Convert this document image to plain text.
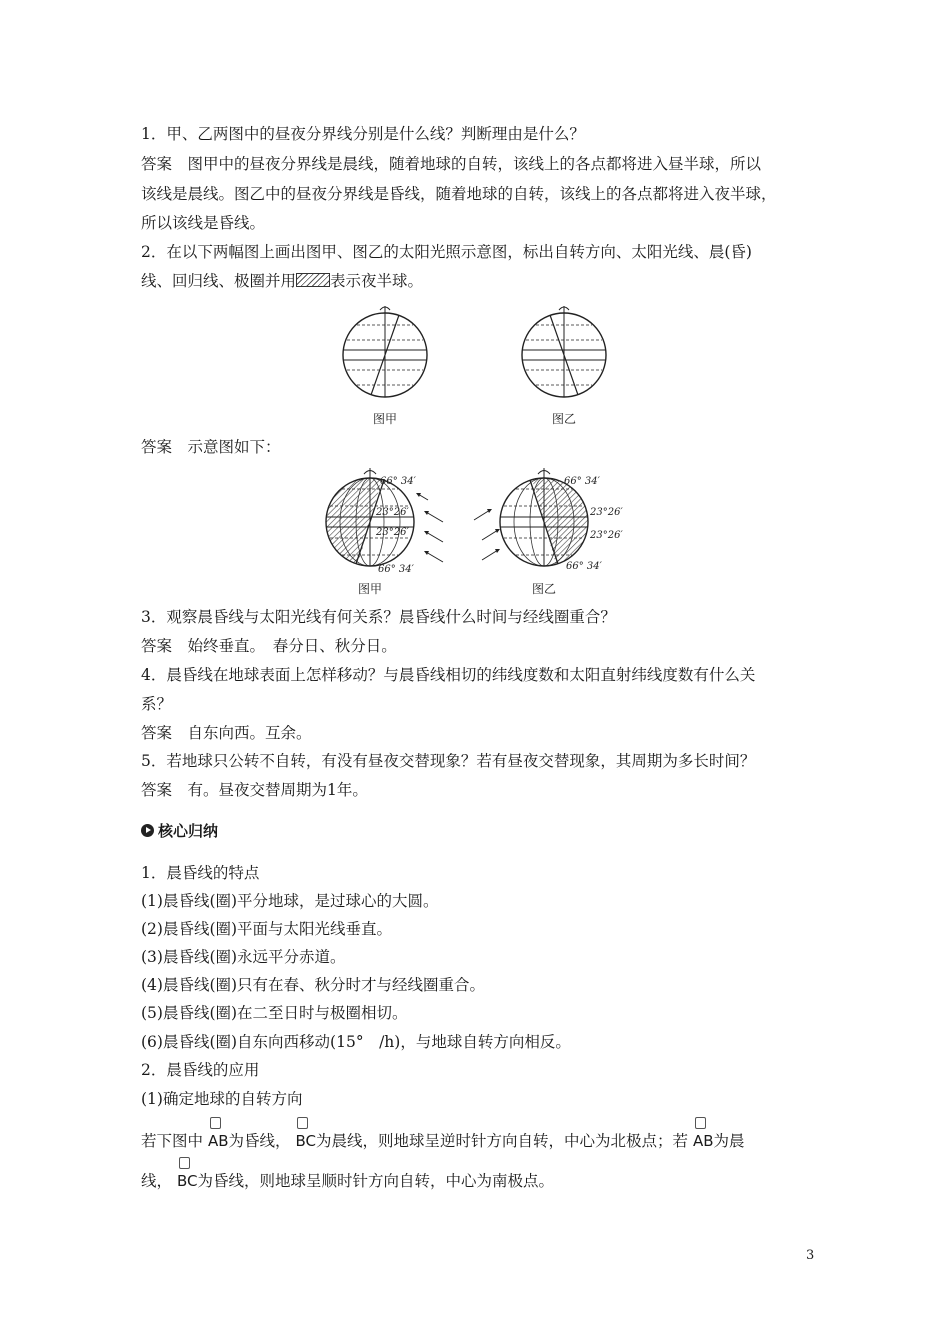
1．甲、乙两图中的昼夜分界线分别是什么线？判断理由是什么？
答案　图甲中的昼夜分界线是晨线，随着地球的自转，该线上的各点都将进入昼半球，所以
该线是晨线。图乙中的昼夜分界线是昏线，随着地球的自转，该线上的各点都将进入夜半球，
所以该线是昏线。
2．在以下两幅图上画出图甲、图乙的太阳光照示意图，标出自转方向、太阳光线、晨(昏)
线、回归线、极圈并用 表示夜半球。
图甲	图乙
答案　示意图如下：
66° 34′
23°26′
23°26′
66° 34′
图甲
66° 34′
23°26′
23°26′
66° 34′
图乙
3．观察晨昏线与太阳光线有何关系？晨昏线什么时间与经线圈重合？
答案　始终垂直。　春分日、秋分日。
4．晨昏线在地球表面上怎样移动？与晨昏线相切的纬线度数和太阳直射纬线度数有什么关
系？
答案　自东向西。互余。
5．若地球只公转不自转，有没有昼夜交替现象？若有昼夜交替现象，其周期为多长时间？
答案　有。昼夜交替周期为1年。
核心归纳
1．晨昏线的特点
(1)晨昏线(圈)平分地球，是过球心的大圆。
(2)晨昏线(圈)平面与太阳光线垂直。
(3)晨昏线(圈)永远平分赤道。
(4)晨昏线(圈)只有在春、秋分时才与经线圈重合。
(5)晨昏线(圈)在二至日时与极圈相切。
(6)晨昏线(圈)自东向西移动(15°　/h)，与地球自转方向相反。
2．晨昏线的应用
(1)确定地球的自转方向
若下图中 AB为昏线， BC为晨线，则地球呈逆时针方向自转，中心为北极点；若 AB为晨
线， BC为昏线，则地球呈顺时针方向自转，中心为南极点。
3
